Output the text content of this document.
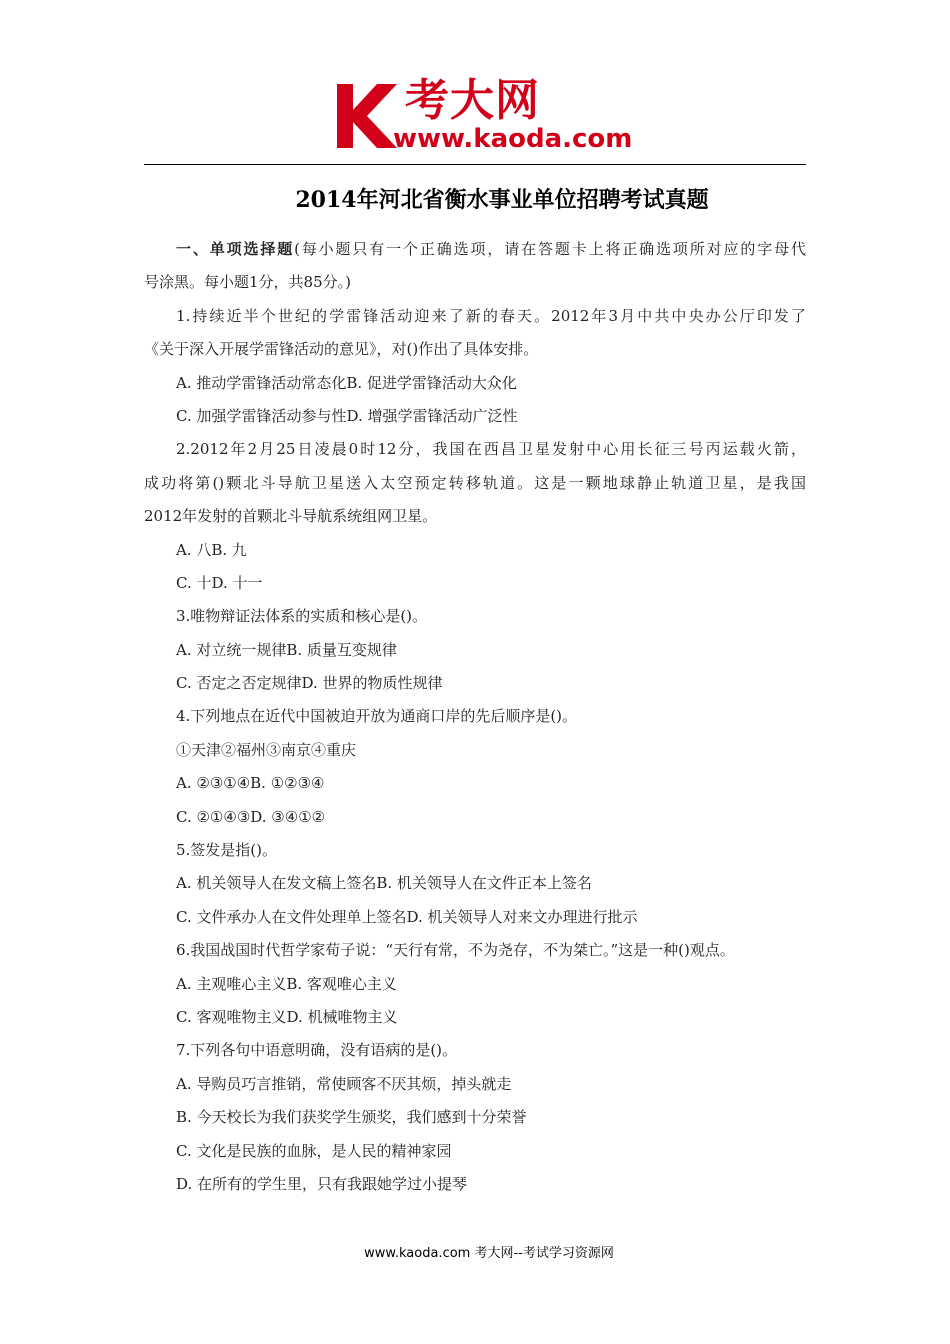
考大网
www.kaoda.com
2014年河北省衡水事业单位招聘考试真题
一、单项选择题(每小题只有一个正确选项，请在答题卡上将正确选项所对应的字母代
号涂黑。每小题1分，共85分。)
1.持续近半个世纪的学雷锋活动迎来了新的春天。2012年3月中共中央办公厅印发了
《关于深入开展学雷锋活动的意见》，对()作出了具体安排。
A. 推动学雷锋活动常态化B. 促进学雷锋活动大众化
C. 加强学雷锋活动参与性D. 增强学雷锋活动广泛性
2.2012年2月25日凌晨0时12分，我国在西昌卫星发射中心用长征三号丙运载火箭，
成功将第()颗北斗导航卫星送入太空预定转移轨道。这是一颗地球静止轨道卫星，是我国
2012年发射的首颗北斗导航系统组网卫星。
A. 八B. 九
C. 十D. 十一
3.唯物辩证法体系的实质和核心是()。
A. 对立统一规律B. 质量互变规律
C. 否定之否定规律D. 世界的物质性规律
4.下列地点在近代中国被迫开放为通商口岸的先后顺序是()。
①天津②福州③南京④重庆
A. ②③①④B. ①②③④
C. ②①④③D. ③④①②
5.签发是指()。
A. 机关领导人在发文稿上签名B. 机关领导人在文件正本上签名
C. 文件承办人在文件处理单上签名D. 机关领导人对来文办理进行批示
6.我国战国时代哲学家荀子说：“天行有常，不为尧存，不为桀亡。”这是一种()观点。
A. 主观唯心主义B. 客观唯心主义
C. 客观唯物主义D. 机械唯物主义
7.下列各句中语意明确，没有语病的是()。
A. 导购员巧言推销，常使顾客不厌其烦，掉头就走
B. 今天校长为我们获奖学生颁奖，我们感到十分荣誉
C. 文化是民族的血脉，是人民的精神家园
D. 在所有的学生里，只有我跟她学过小提琴
www.kaoda.com 考大网--考试学习资源网
